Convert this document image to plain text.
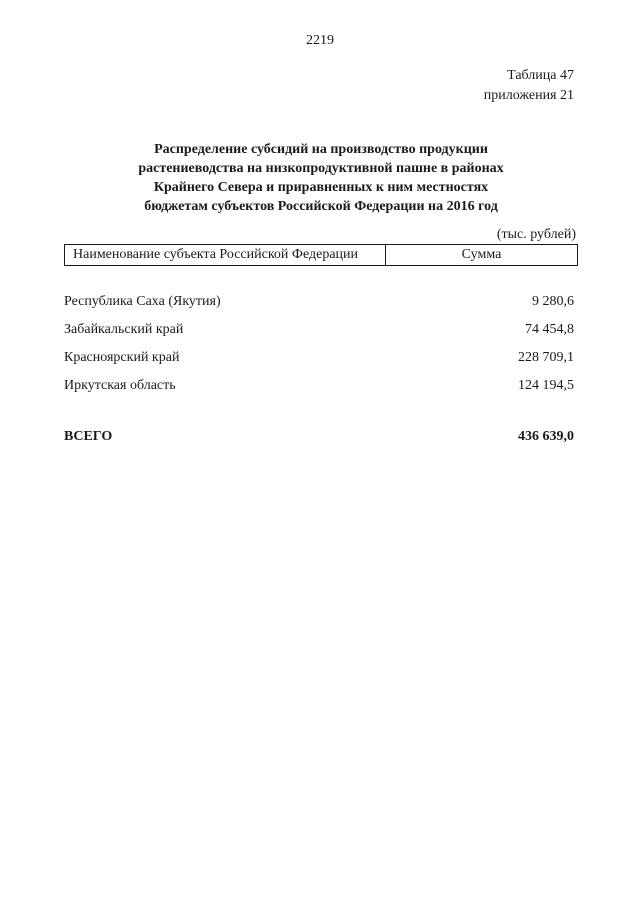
2219
Таблица 47
приложения 21
Распределение субсидий на производство продукции
растениеводства на низкопродуктивной пашне в районах
Крайнего Севера и приравненных к ним местностях
бюджетам субъектов Российской Федерации на 2016 год
(тыс. рублей)
Наименование субъекта Российской Федерации	Сумма
Республика Саха (Якутия)	9 280,6
Забайкальский край	74 454,8
Красноярский край	228 709,1
Иркутская область	124 194,5
ВСЕГО	436 639,0
